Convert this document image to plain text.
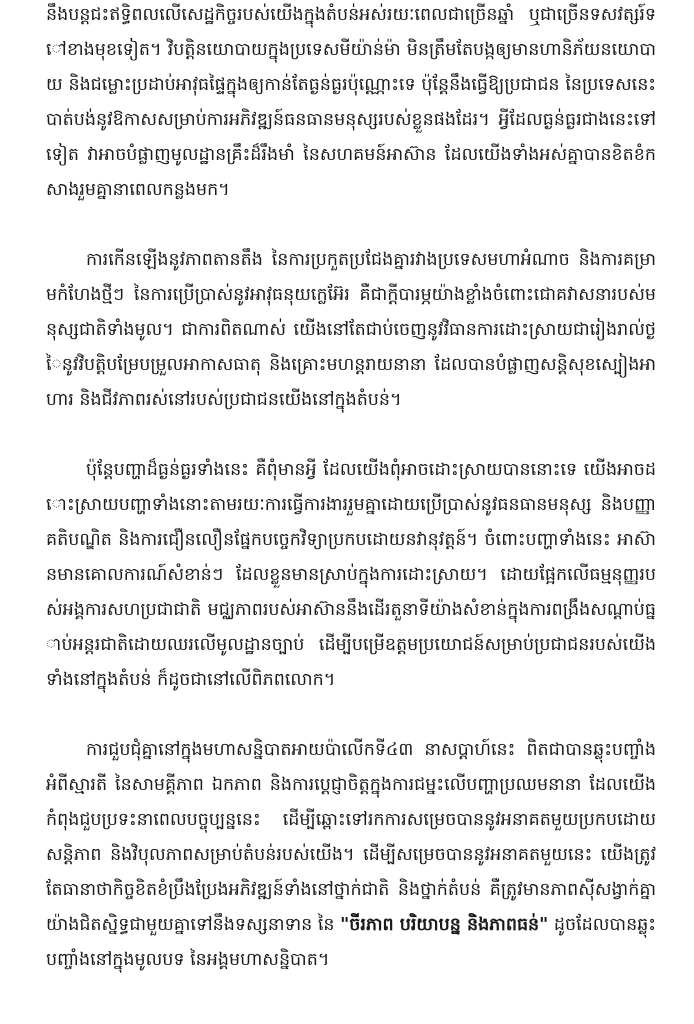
នឹងបន្តជះឥទ្ធិពលលើសេដ្ឋកិច្ចរបស់យើងក្នុងតំបន់អស់រយៈពេលជាច្រើនឆ្នាំ ឬជាច្រើនទសវត្សរ៍ទៅខាងមុខទៀត។ វិបត្តិនយោបាយក្នុងប្រទេសមីយ៉ាន់ម៉ា មិនត្រឹមតែបង្កឲ្យមានហានិភ័យនយោបាយ និងជម្លោះប្រដាប់អាវុធផ្ទៃក្នុងឲ្យកាន់តែធ្ងន់ធ្ងរប៉ុណ្ណោះទេ ប៉ុន្តែនឹងធ្វើឱ្យប្រជាជន នៃប្រទេសនេះ បាត់បង់នូវឱកាសសម្រាប់ការអភិវឌ្ឍន៍ធនធានមនុស្សរបស់ខ្លួនផងដែរ។ អ្វីដែលធ្ងន់ធ្ងរជាងនេះទៅទៀត វាអាចបំផ្លាញមូលដ្ឋានគ្រឹះដ៏រឹងមាំ នៃសហគមន៍អាស៊ាន ដែលយើងទាំងអស់គ្នាបានខិតខំកសាងរួមគ្នានាពេលកន្លងមក។

ការកើនឡើងនូវភាពតានតឹង នៃការប្រកួតប្រជែងគ្នារវាងប្រទេសមហាអំណាច និងការគម្រាមកំហែងថ្មីៗ នៃការប្រើប្រាស់នូវអាវុធនុយក្លេអ៊ែរ គឺជាក្តីបារម្ភយ៉ាងខ្លាំងចំពោះជោគវាសនារបស់មនុស្សជាតិទាំងមូល។ ជាការពិតណាស់ យើងនៅតែជាប់ចេញនូវវិធានការដោះស្រាយជារៀងរាល់ថ្ងៃនូវវិបត្តិបម្រែបម្រួលអាកាសធាតុ និងគ្រោះមហន្តរាយនានា ដែលបានបំផ្លាញសន្តិសុខស្បៀងអាហារ និងជីវភាពរស់នៅរបស់ប្រជាជនយើងនៅក្នុងតំបន់។

ប៉ុន្តែបញ្ហាដ៏ធ្ងន់ធ្ងរទាំងនេះ គឺពុំមានអ្វី ដែលយើងពុំអាចដោះស្រាយបាននោះទេ យើងអាចដោះស្រាយបញ្ហាទាំងនោះតាមរយៈការធ្វើការងាររួមគ្នាដោយប្រើប្រាស់នូវធនធានមនុស្ស និងបញ្ញាគតិបណ្ឌិត និងការជឿនលឿនផ្នែកបច្ចេកវិទ្យាប្រកបដោយនវានុវត្តន៍។ ចំពោះបញ្ហាទាំងនេះ អាស៊ានមានគោលការណ៍សំខាន់ៗ ដែលខ្លួនមានស្រាប់ក្នុងការដោះស្រាយ។ ដោយផ្អែកលើធម្មនុញ្ញរបស់អង្គការសហប្រជាជាតិ មជ្ឈភាពរបស់អាស៊ាននឹងដើរតួនាទីយ៉ាងសំខាន់ក្នុងការពង្រឹងសណ្តាប់ធ្នាប់អន្តរជាតិដោយឈរលើមូលដ្ឋានច្បាប់ ដើម្បីបម្រើឧត្តមប្រយោជន៍សម្រាប់ប្រជាជនរបស់យើងទាំងនៅក្នុងតំបន់ ក៏ដូចជានៅលើពិភពលោក។

ការជួបជុំគ្នានៅក្នុងមហាសន្និបាតអាយប៉ាលើកទី៤៣ នាសប្តាហ៍នេះ ពិតជាបានឆ្លុះបញ្ចាំងអំពីស្មារតី នៃសាមគ្គីភាព ឯកភាព និងការប្តេជ្ញាចិត្តក្នុងការជម្នះលើបញ្ហាប្រឈមនានា ដែលយើងកំពុងជួបប្រទះនាពេលបច្ចុប្បន្ននេះ ដើម្បីឆ្ពោះទៅរកការសម្រេចបាននូវអនាគតមួយប្រកបដោយសន្តិភាព និងវិបុលភាពសម្រាប់តំបន់របស់យើង។ ដើម្បីសម្រេចបាននូវអនាគតមួយនេះ យើងត្រូវតែធានាថាកិច្ចខិតខំប្រឹងប្រែងអភិវឌ្ឍន៍ទាំងនៅថ្នាក់ជាតិ និងថ្នាក់តំបន់ គឺត្រូវមានភាពស៊ីសង្វាក់គ្នាយ៉ាងជិតស្និទ្ធជាមួយគ្នាទៅនឹងទស្សនាទាន នៃ "ចីរភាព បរិយាបន្ន និងភាពធន់" ដូចដែលបានឆ្លុះបញ្ចាំងនៅក្នុងមូលបទ នៃអង្គមហាសន្និបាត។
